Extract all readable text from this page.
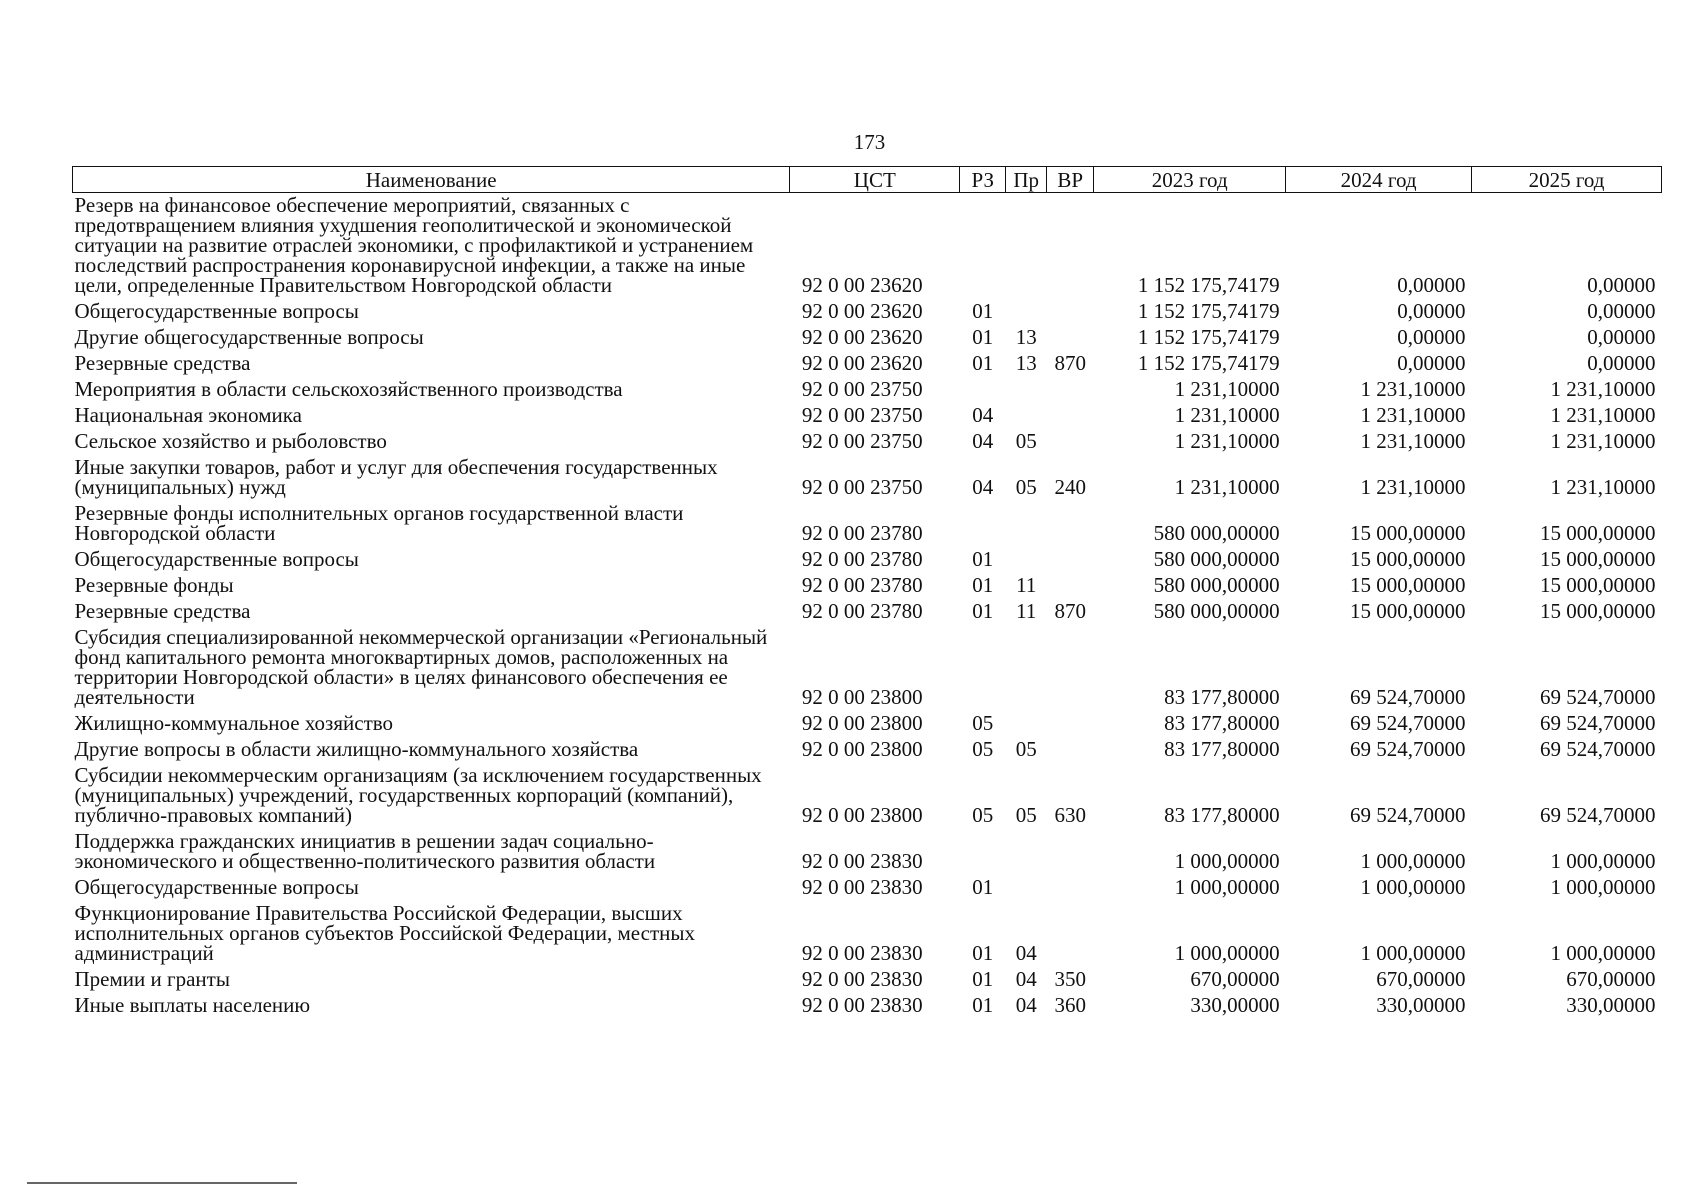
173
Наименование	ЦСТ	РЗ	Пр	ВР	2023 год	2024 год	2025 год
Резерв на финансовое обеспечение мероприятий, связанных с предотвращением влияния ухудшения геополитической и экономической ситуации на развитие отраслей экономики, с профилактикой и устранением последствий распространения коронавирусной инфекции, а также на иные цели, определенные Правительством Новгородской области	92 0 00 23620				1 152 175,74179	0,00000	0,00000
Общегосударственные вопросы	92 0 00 23620	01			1 152 175,74179	0,00000	0,00000
Другие общегосударственные вопросы	92 0 00 23620	01	13		1 152 175,74179	0,00000	0,00000
Резервные средства	92 0 00 23620	01	13	870	1 152 175,74179	0,00000	0,00000
Мероприятия в области сельскохозяйственного производства	92 0 00 23750				1 231,10000	1 231,10000	1 231,10000
Национальная экономика	92 0 00 23750	04			1 231,10000	1 231,10000	1 231,10000
Сельское хозяйство и рыболовство	92 0 00 23750	04	05		1 231,10000	1 231,10000	1 231,10000
Иные закупки товаров, работ и услуг для обеспечения государственных (муниципальных) нужд	92 0 00 23750	04	05	240	1 231,10000	1 231,10000	1 231,10000
Резервные фонды исполнительных органов государственной власти Новгородской области	92 0 00 23780				580 000,00000	15 000,00000	15 000,00000
Общегосударственные вопросы	92 0 00 23780	01			580 000,00000	15 000,00000	15 000,00000
Резервные фонды	92 0 00 23780	01	11		580 000,00000	15 000,00000	15 000,00000
Резервные средства	92 0 00 23780	01	11	870	580 000,00000	15 000,00000	15 000,00000
Субсидия специализированной некоммерческой организации «Региональный фонд капитального ремонта многоквартирных домов, расположенных на территории Новгородской области» в целях финансового обеспечения ее деятельности	92 0 00 23800				83 177,80000	69 524,70000	69 524,70000
Жилищно-коммунальное хозяйство	92 0 00 23800	05			83 177,80000	69 524,70000	69 524,70000
Другие вопросы в области жилищно-коммунального хозяйства	92 0 00 23800	05	05		83 177,80000	69 524,70000	69 524,70000
Субсидии некоммерческим организациям (за исключением государственных (муниципальных) учреждений, государственных корпораций (компаний), публично-правовых компаний)	92 0 00 23800	05	05	630	83 177,80000	69 524,70000	69 524,70000
Поддержка гражданских инициатив в решении задач социально-экономического и общественно-политического развития области	92 0 00 23830				1 000,00000	1 000,00000	1 000,00000
Общегосударственные вопросы	92 0 00 23830	01			1 000,00000	1 000,00000	1 000,00000
Функционирование Правительства Российской Федерации, высших исполнительных органов субъектов Российской Федерации, местных администраций	92 0 00 23830	01	04		1 000,00000	1 000,00000	1 000,00000
Премии и гранты	92 0 00 23830	01	04	350	670,00000	670,00000	670,00000
Иные выплаты населению	92 0 00 23830	01	04	360	330,00000	330,00000	330,00000
